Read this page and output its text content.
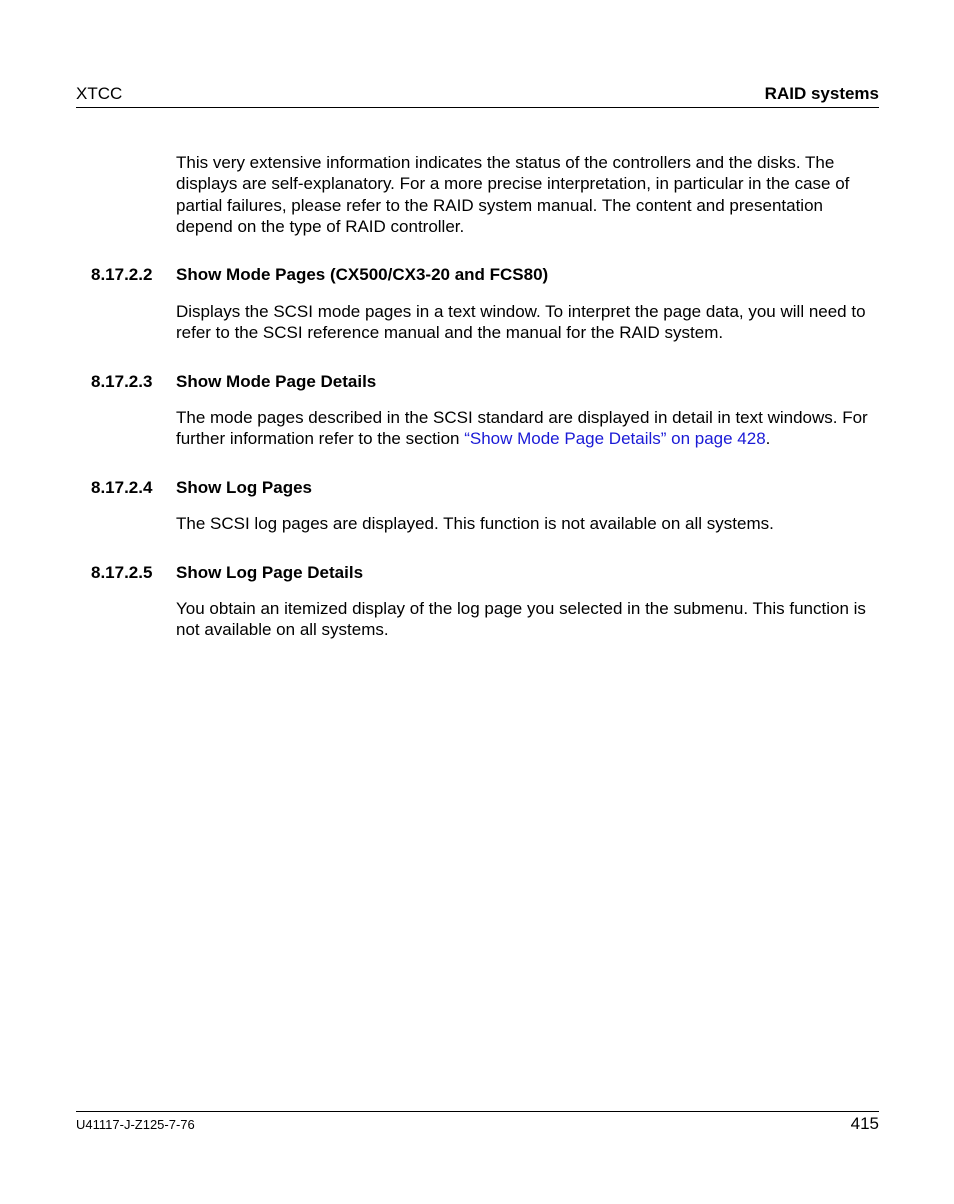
XTCC	RAID systems
This very extensive information indicates the status of the controllers and the disks. The displays are self-explanatory. For a more precise interpretation, in particular in the case of partial failures, please refer to the RAID system manual. The content and presentation depend on the type of RAID controller.
8.17.2.2 Show Mode Pages (CX500/CX3-20 and FCS80)
Displays the SCSI mode pages in a text window. To interpret the page data, you will need to refer to the SCSI reference manual and the manual for the RAID system.
8.17.2.3 Show Mode Page Details
The mode pages described in the SCSI standard are displayed in detail in text windows. For further information refer to the section “Show Mode Page Details” on page 428.
8.17.2.4 Show Log Pages
The SCSI log pages are displayed. This function is not available on all systems.
8.17.2.5 Show Log Page Details
You obtain an itemized display of the log page you selected in the submenu. This function is not available on all systems.
U41117-J-Z125-7-76	415
